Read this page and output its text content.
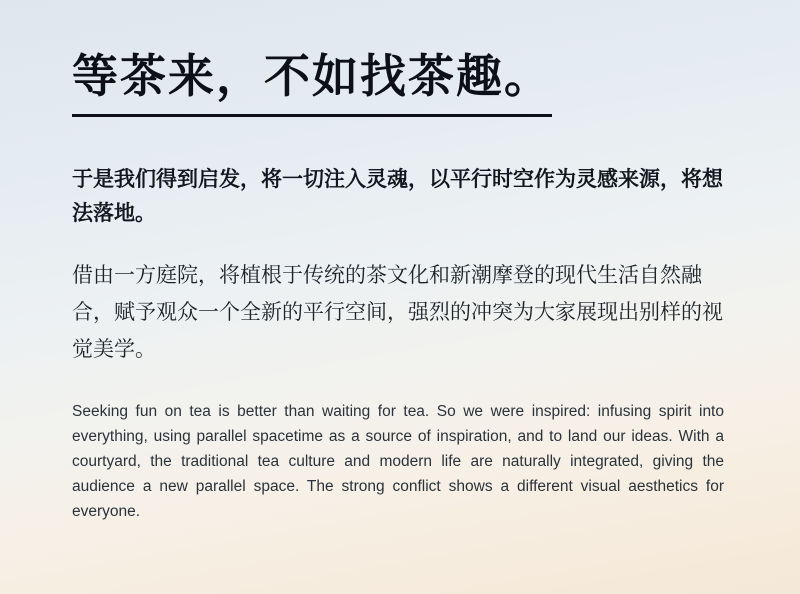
等茶来，不如找茶趣。

于是我们得到启发，将一切注入灵魂，以平行时空作为灵感来源，将想法落地。

借由一方庭院，将植根于传统的茶文化和新潮摩登的现代生活自然融合，赋予观众一个全新的平行空间，强烈的冲突为大家展现出别样的视觉美学。

Seeking fun on tea is better than waiting for tea. So we were inspired: infusing spirit into everything, using parallel spacetime as a source of inspiration, and to land our ideas. With a courtyard, the traditional tea culture and modern life are naturally integrated, giving the audience a new parallel space. The strong conflict shows a different visual aesthetics for everyone.
